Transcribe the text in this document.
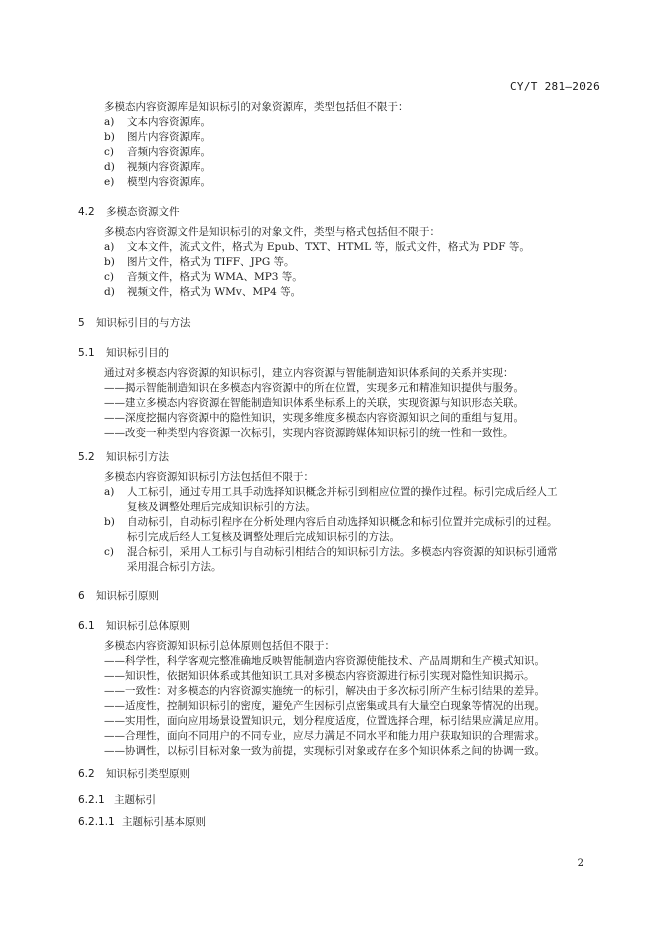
CY/T 281—2026
多模态内容资源库是知识标引的对象资源库，类型包括但不限于：
a) 文本内容资源库。
b) 图片内容资源库。
c) 音频内容资源库。
d) 视频内容资源库。
e) 模型内容资源库。
4.2 多模态资源文件
多模态内容资源文件是知识标引的对象文件，类型与格式包括但不限于：
a) 文本文件，流式文件，格式为 Epub、TXT、HTML 等，版式文件，格式为 PDF 等。
b) 图片文件，格式为 TIFF、JPG 等。
c) 音频文件，格式为 WMA、MP3 等。
d) 视频文件，格式为 WMv、MP4 等。
5 知识标引目的与方法
5.1 知识标引目的
通过对多模态内容资源的知识标引，建立内容资源与智能制造知识体系间的关系并实现：
——揭示智能制造知识在多模态内容资源中的所在位置，实现多元和精准知识提供与服务。
——建立多模态内容资源在智能制造知识体系坐标系上的关联，实现资源与知识形态关联。
——深度挖掘内容资源中的隐性知识，实现多维度多模态内容资源知识之间的重组与复用。
——改变一种类型内容资源一次标引，实现内容资源跨媒体知识标引的统一性和一致性。
5.2 知识标引方法
多模态内容资源知识标引方法包括但不限于：
a) 人工标引，通过专用工具手动选择知识概念并标引到相应位置的操作过程。标引完成后经人工
复核及调整处理后完成知识标引的方法。
b) 自动标引，自动标引程序在分析处理内容后自动选择知识概念和标引位置并完成标引的过程。
标引完成后经人工复核及调整处理后完成知识标引的方法。
c) 混合标引，采用人工标引与自动标引相结合的知识标引方法。多模态内容资源的知识标引通常
采用混合标引方法。
6 知识标引原则
6.1 知识标引总体原则
多模态内容资源知识标引总体原则包括但不限于：
——科学性，科学客观完整准确地反映智能制造内容资源使能技术、产品周期和生产模式知识。
——知识性，依据知识体系或其他知识工具对多模态内容资源进行标引实现对隐性知识揭示。
——一致性：对多模态的内容资源实施统一的标引，解决由于多次标引所产生标引结果的差异。
——适度性，控制知识标引的密度，避免产生因标引点密集或具有大量空白现象等情况的出现。
——实用性，面向应用场景设置知识元，划分程度适度，位置选择合理，标引结果应满足应用。
——合理性，面向不同用户的不同专业，应尽力满足不同水平和能力用户获取知识的合理需求。
——协调性，以标引目标对象一致为前提，实现标引对象或存在多个知识体系之间的协调一致。
6.2 知识标引类型原则
6.2.1 主题标引
6.2.1.1 主题标引基本原则
2
